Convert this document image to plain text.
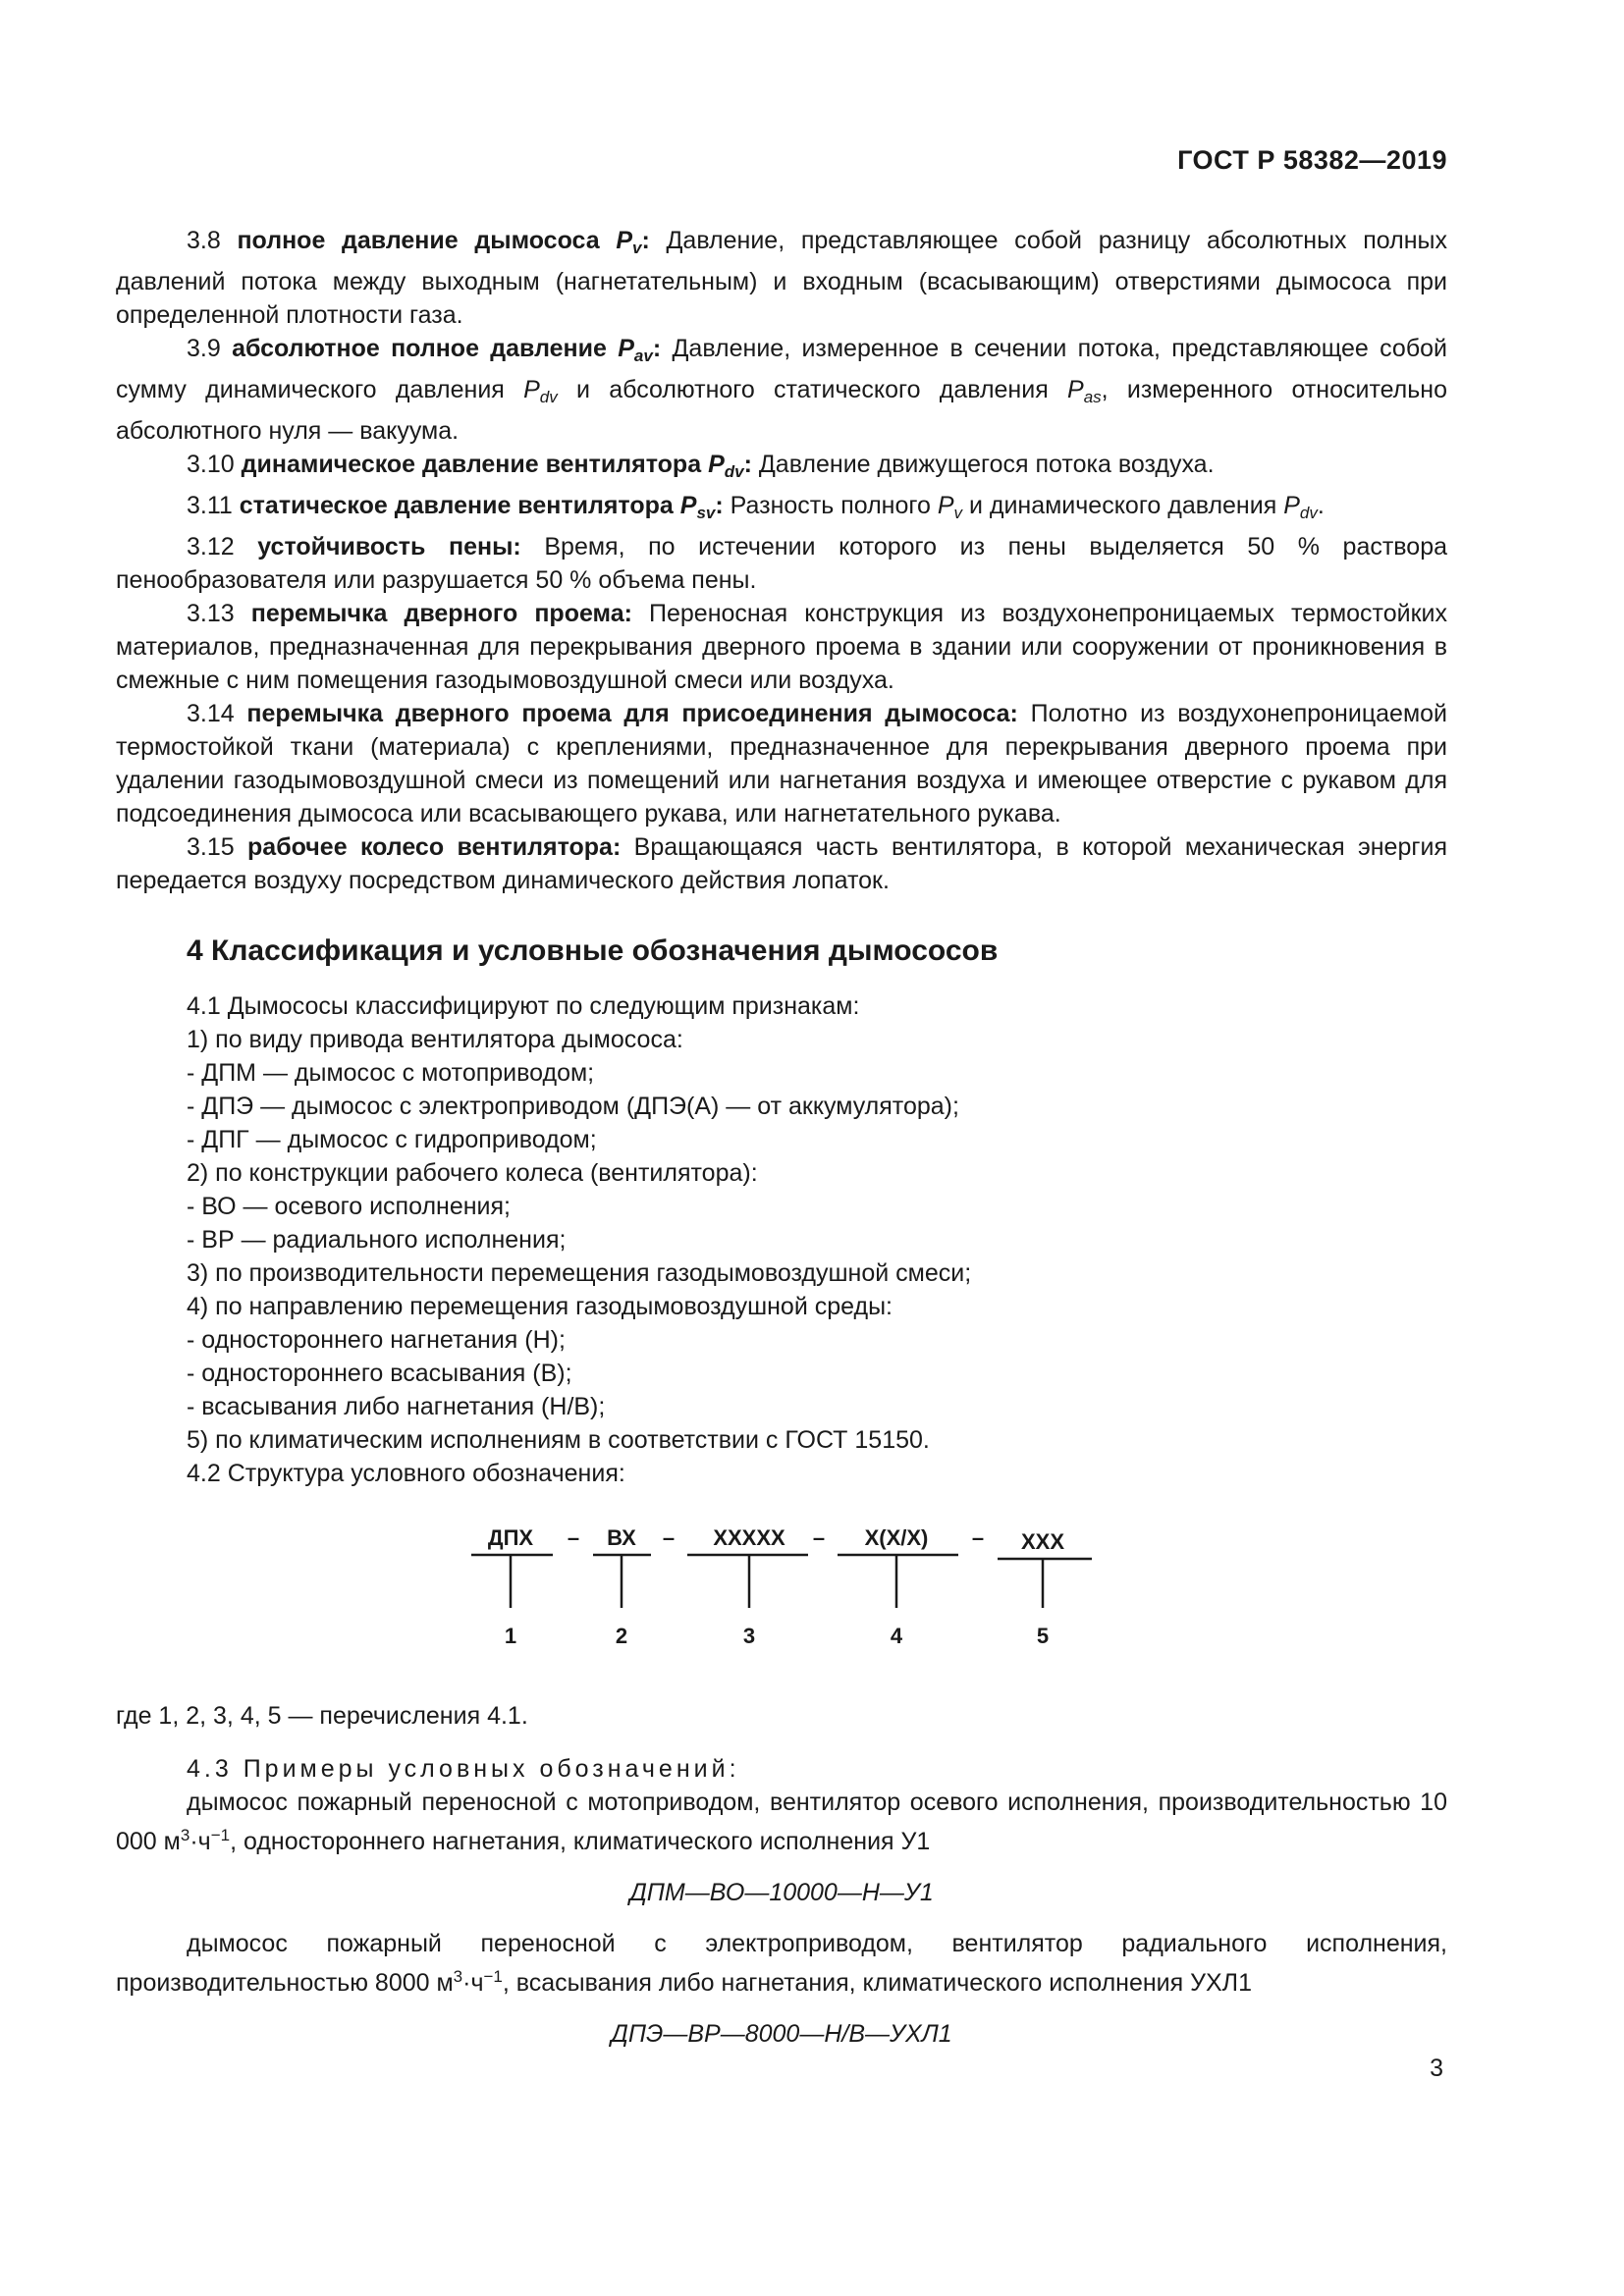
ГОСТ Р 58382—2019

3.8 полное давление дымососа $P_v$: Давление, представляющее собой разницу абсолютных полных давлений потока между выходным (нагнетательным) и входным (всасывающим) отверстиями дымососа при определенной плотности газа.

3.9 абсолютное полное давление $P_{av}$: Давление, измеренное в сечении потока, представляющее собой сумму динамического давления $P_{dv}$ и абсолютного статического давления $P_{as}$, измеренного относительно абсолютного нуля — вакуума.

3.10 динамическое давление вентилятора $P_{dv}$: Давление движущегося потока воздуха.

3.11 статическое давление вентилятора $P_{sv}$: Разность полного $P_v$ и динамического давления $P_{dv}$.

3.12 устойчивость пены: Время, по истечении которого из пены выделяется 50 % раствора пенообразователя или разрушается 50 % объема пены.

3.13 перемычка дверного проема: Переносная конструкция из воздухонепроницаемых термостойких материалов, предназначенная для перекрывания дверного проема в здании или сооружении от проникновения в смежные с ним помещения газодымовоздушной смеси или воздуха.

3.14 перемычка дверного проема для присоединения дымососа: Полотно из воздухонепроницаемой термостойкой ткани (материала) с креплениями, предназначенное для перекрывания дверного проема при удалении газодымовоздушной смеси из помещений или нагнетания воздуха и имеющее отверстие с рукавом для подсоединения дымососа или всасывающего рукава, или нагнетательного рукава.

3.15 рабочее колесо вентилятора: Вращающаяся часть вентилятора, в которой механическая энергия передается воздуху посредством динамического действия лопаток.

4 Классификация и условные обозначения дымососов
4.1 Дымососы классифицируют по следующим признакам:
1) по виду привода вентилятора дымососа:
- ДПМ — дымосос с мотоприводом;
- ДПЭ — дымосос с электроприводом (ДПЭ(А) — от аккумулятора);
- ДПГ — дымосос с гидроприводом;
2) по конструкции рабочего колеса (вентилятора):
- ВО — осевого исполнения;
- ВР — радиального исполнения;
3) по производительности перемещения газодымовоздушной смеси;
4) по направлению перемещения газодымовоздушной среды:
- одностороннего нагнетания (Н);
- одностороннего всасывания (В);
- всасывания либо нагнетания (Н/В);
5) по климатическим исполнениям в соответствии с ГОСТ 15150.
4.2 Структура условного обозначения:
ДПХ – ВХ – ХХХХХ – Х(Х/Х) – ХХХ
1	2	3	4	5

где 1, 2, 3, 4, 5 — перечисления 4.1.

4.3 Примеры условных обозначений:

дымосос пожарный переносной с мотоприводом, вентилятор осевого исполнения, производительностью 10 000 $м^3\cdot ч^{-1}$, одностороннего нагнетания, климатического исполнения У1

ДПМ—ВО—10000—Н—У1

дымосос пожарный переносной с электроприводом, вентилятор радиального исполнения, производительностью 8000 $м^3\cdot ч^{-1}$, всасывания либо нагнетания, климатического исполнения УХЛ1

ДПЭ—ВР—8000—Н/В—УХЛ1

3
